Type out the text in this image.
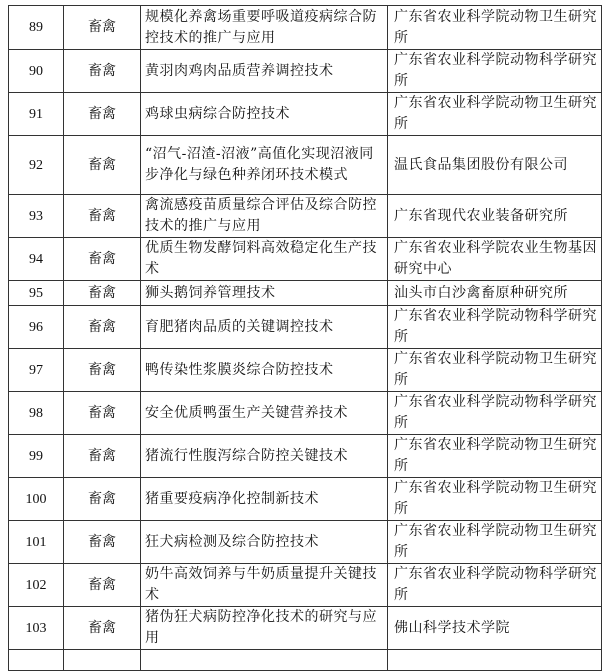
89	畜禽	规模化养禽场重要呼吸道疫病综合防控技术的推广与应用	广东省农业科学院动物卫生研究所
90	畜禽	黄羽肉鸡肉品质营养调控技术	广东省农业科学院动物科学研究所
91	畜禽	鸡球虫病综合防控技术	广东省农业科学院动物卫生研究所
92	畜禽	“沼气-沼渣-沼液”高值化实现沼液同步净化与绿色种养闭环技术模式	温氏食品集团股份有限公司
93	畜禽	禽流感疫苗质量综合评估及综合防控技术的推广与应用	广东省现代农业装备研究所
94	畜禽	优质生物发酵饲料高效稳定化生产技术	广东省农业科学院农业生物基因研究中心
95	畜禽	狮头鹅饲养管理技术	汕头市白沙禽畜原种研究所
96	畜禽	育肥猪肉品质的关键调控技术	广东省农业科学院动物科学研究所
97	畜禽	鸭传染性浆膜炎综合防控技术	广东省农业科学院动物卫生研究所
98	畜禽	安全优质鸭蛋生产关键营养技术	广东省农业科学院动物科学研究所
99	畜禽	猪流行性腹泻综合防控关键技术	广东省农业科学院动物卫生研究所
100	畜禽	猪重要疫病净化控制新技术	广东省农业科学院动物卫生研究所
101	畜禽	狂犬病检测及综合防控技术	广东省农业科学院动物卫生研究所
102	畜禽	奶牛高效饲养与牛奶质量提升关键技术	广东省农业科学院动物科学研究所
103	畜禽	猪伪狂犬病防控净化技术的研究与应用	佛山科学技术学院
